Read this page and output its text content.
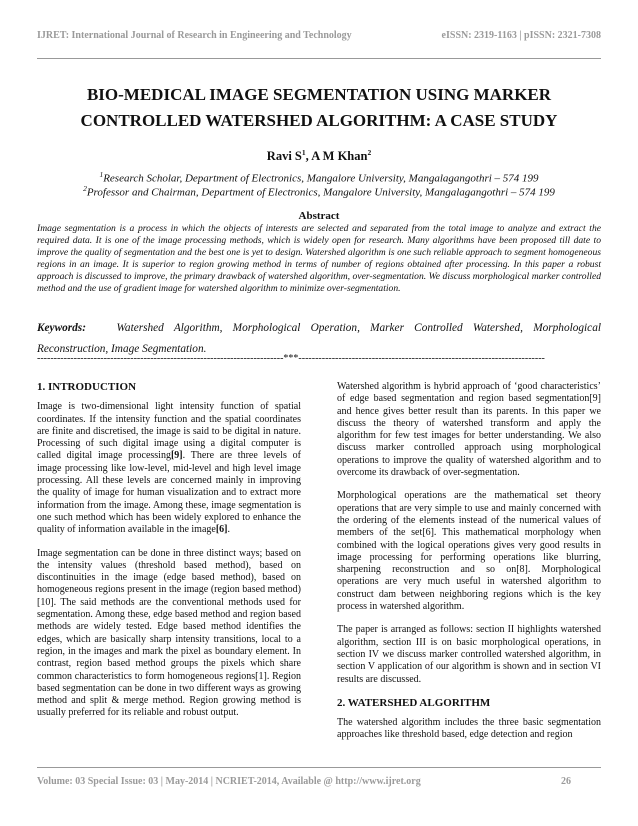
IJRET: International Journal of Research in Engineering and Technology	eISSN: 2319-1163 | pISSN: 2321-7308
BIO-MEDICAL IMAGE SEGMENTATION USING MARKER
CONTROLLED WATERSHED ALGORITHM: A CASE STUDY
Ravi $S^1$, A M Khan$^2$
$^1$Research Scholar, Department of Electronics, Mangalore University, Mangalagangothri – 574 199
$^2$Professor and Chairman, Department of Electronics, Mangalore University, Mangalagangothri – 574 199
Abstract
Image segmentation is a process in which the objects of interests are selected and separated from the total image to analyze and extract the required data. It is one of the image processing methods, which is widely open for research. Many algorithms have been proposed till date to improve the quality of segmentation and the best one is yet to design. Watershed algorithm is one such reliable approach to segment homogeneous regions in an image. It is superior to region growing method in terms of number of regions obtained after processing. In this paper a robust approach is discussed to improve, the primary drawback of watershed algorithm, over-segmentation. We discuss morphological marker controlled method and the use of gradient image for watershed algorithm to minimize over-segmentation.
Keywords:	Watershed Algorithm, Morphological Operation, Marker Controlled Watershed, Morphological Reconstruction, Image Segmentation.
--------------------------------------------------------------------------***--------------------------------------------------------------------------
1. INTRODUCTION

Image is two-dimensional light intensity function of spatial coordinates. If the intensity function and the spatial coordinates are finite and discretised, the image is said to be digital in nature. Processing of such digital image using a digital computer is called digital image processing[9]. There are three levels of image processing like low-level, mid-level and high level image processing. All these levels are concerned mainly in improving the quality of image for human visualization and to extract more information from the image. Among these, image segmentation is one such method which has been widely explored to enhance the quality of information available in the image[6].

Image segmentation can be done in three distinct ways; based on the intensity values (threshold based method), based on discontinuities in the image (edge based method), based on homogeneous regions present in the image (region based method)[10]. The said methods are the conventional methods used for segmentation. Among these, edge based method and region based methods are widely tested. Edge based method identifies the edges, which are basically sharp intensity transitions, local to a region, in the images and mark the pixel as boundary element. In contrast, region based method groups the pixels which share common characteristics to form homogeneous regions[1]. Region based segmentation can be done in two different ways as growing method and split & merge method. Region growing method is usually preferred for its reliable and robust output.

Watershed algorithm is hybrid approach of ‘good characteristics’ of edge based segmentation and region based segmentation[9] and hence gives better result than its parents. In this paper we discuss the theory of watershed transform and apply the algorithm for few test images for better understanding. We also discuss marker controlled approach using morphological operations to improve the quality of watershed algorithm and to overcome its drawback of over-segmentation.

Morphological operations are the mathematical set theory operations that are very simple to use and mainly concerned with the ordering of the elements instead of the numerical values of members of the set[6]. This mathematical morphology when combined with the logical operations gives very good results in image processing for performing operations like blurring, sharpening reconstruction and so on[8]. Morphological operations are very much useful in watershed algorithm to construct dam between neighboring regions which is the key process in watershed algorithm.

The paper is arranged as follows: section II highlights watershed algorithm, section III is on basic morphological operations, in section IV we discuss marker controlled watershed algorithm, in section V application of our algorithm is shown and in section VI results are discussed.

2. WATERSHED ALGORITHM

The watershed algorithm includes the three basic segmentation approaches like threshold based, edge detection and region

Volume: 03 Special Issue: 03 | May-2014 | NCRIET-2014, Available @ http://www.ijret.org	26
